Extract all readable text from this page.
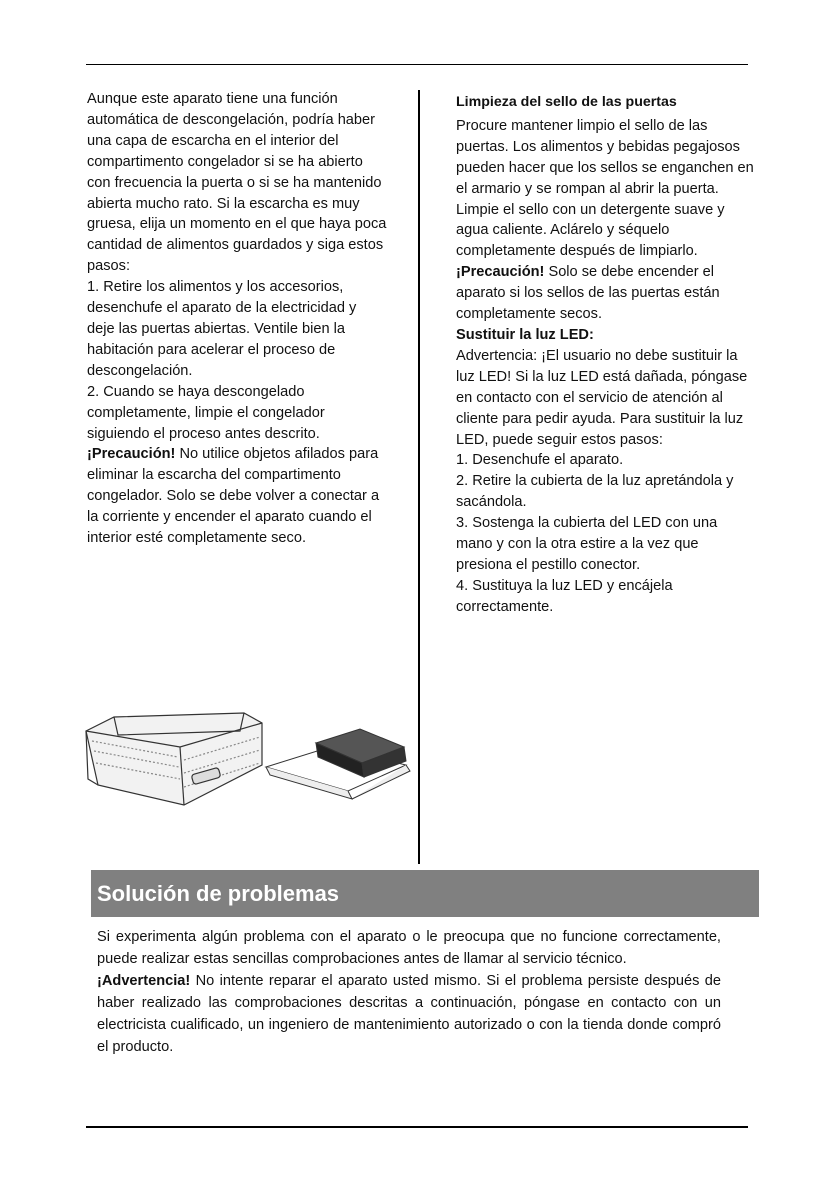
Aunque este aparato tiene una función automática de descongelación, podría haber una capa de escarcha en el interior del compartimento congelador si se ha abierto con frecuencia la puerta o si se ha mantenido abierta mucho rato. Si la escarcha es muy gruesa, elija un momento en el que haya poca cantidad de alimentos guardados y siga estos pasos:

1. Retire los alimentos y los accesorios, desenchufe el aparato de la electricidad y deje las puertas abiertas. Ventile bien la habitación para acelerar el proceso de descongelación.

2. Cuando se haya descongelado completamente, limpie el congelador siguiendo el proceso antes descrito.

¡Precaución! No utilice objetos afilados para eliminar la escarcha del compartimento congelador. Solo se debe volver a conectar a la corriente y encender el aparato cuando el interior esté completamente seco.

Limpieza del sello de las puertas

Procure mantener limpio el sello de las puertas. Los alimentos y bebidas pegajosos pueden hacer que los sellos se enganchen en el armario y se rompan al abrir la puerta. Limpie el sello con un detergente suave y agua caliente. Aclárelo y séquelo completamente después de limpiarlo.

¡Precaución! Solo se debe encender el aparato si los sellos de las puertas están completamente secos.

Sustituir la luz LED:

Advertencia: ¡El usuario no debe sustituir la luz LED! Si la luz LED está dañada, póngase en contacto con el servicio de atención al cliente para pedir ayuda. Para sustituir la luz LED, puede seguir estos pasos:

1. Desenchufe el aparato.

2. Retire la cubierta de la luz apretándola y sacándola.

3. Sostenga la cubierta del LED con una mano y con la otra estire a la vez que presiona el pestillo conector.

4. Sustituya la luz LED y encájela correctamente.

Solución de problemas

Si experimenta algún problema con el aparato o le preocupa que no funcione correctamente, puede realizar estas sencillas comprobaciones antes de llamar al servicio técnico.

¡Advertencia! No intente reparar el aparato usted mismo. Si el problema persiste después de haber realizado las comprobaciones descritas a continuación, póngase en contacto con un electricista cualificado, un ingeniero de mantenimiento autorizado o con la tienda donde compró el producto.
